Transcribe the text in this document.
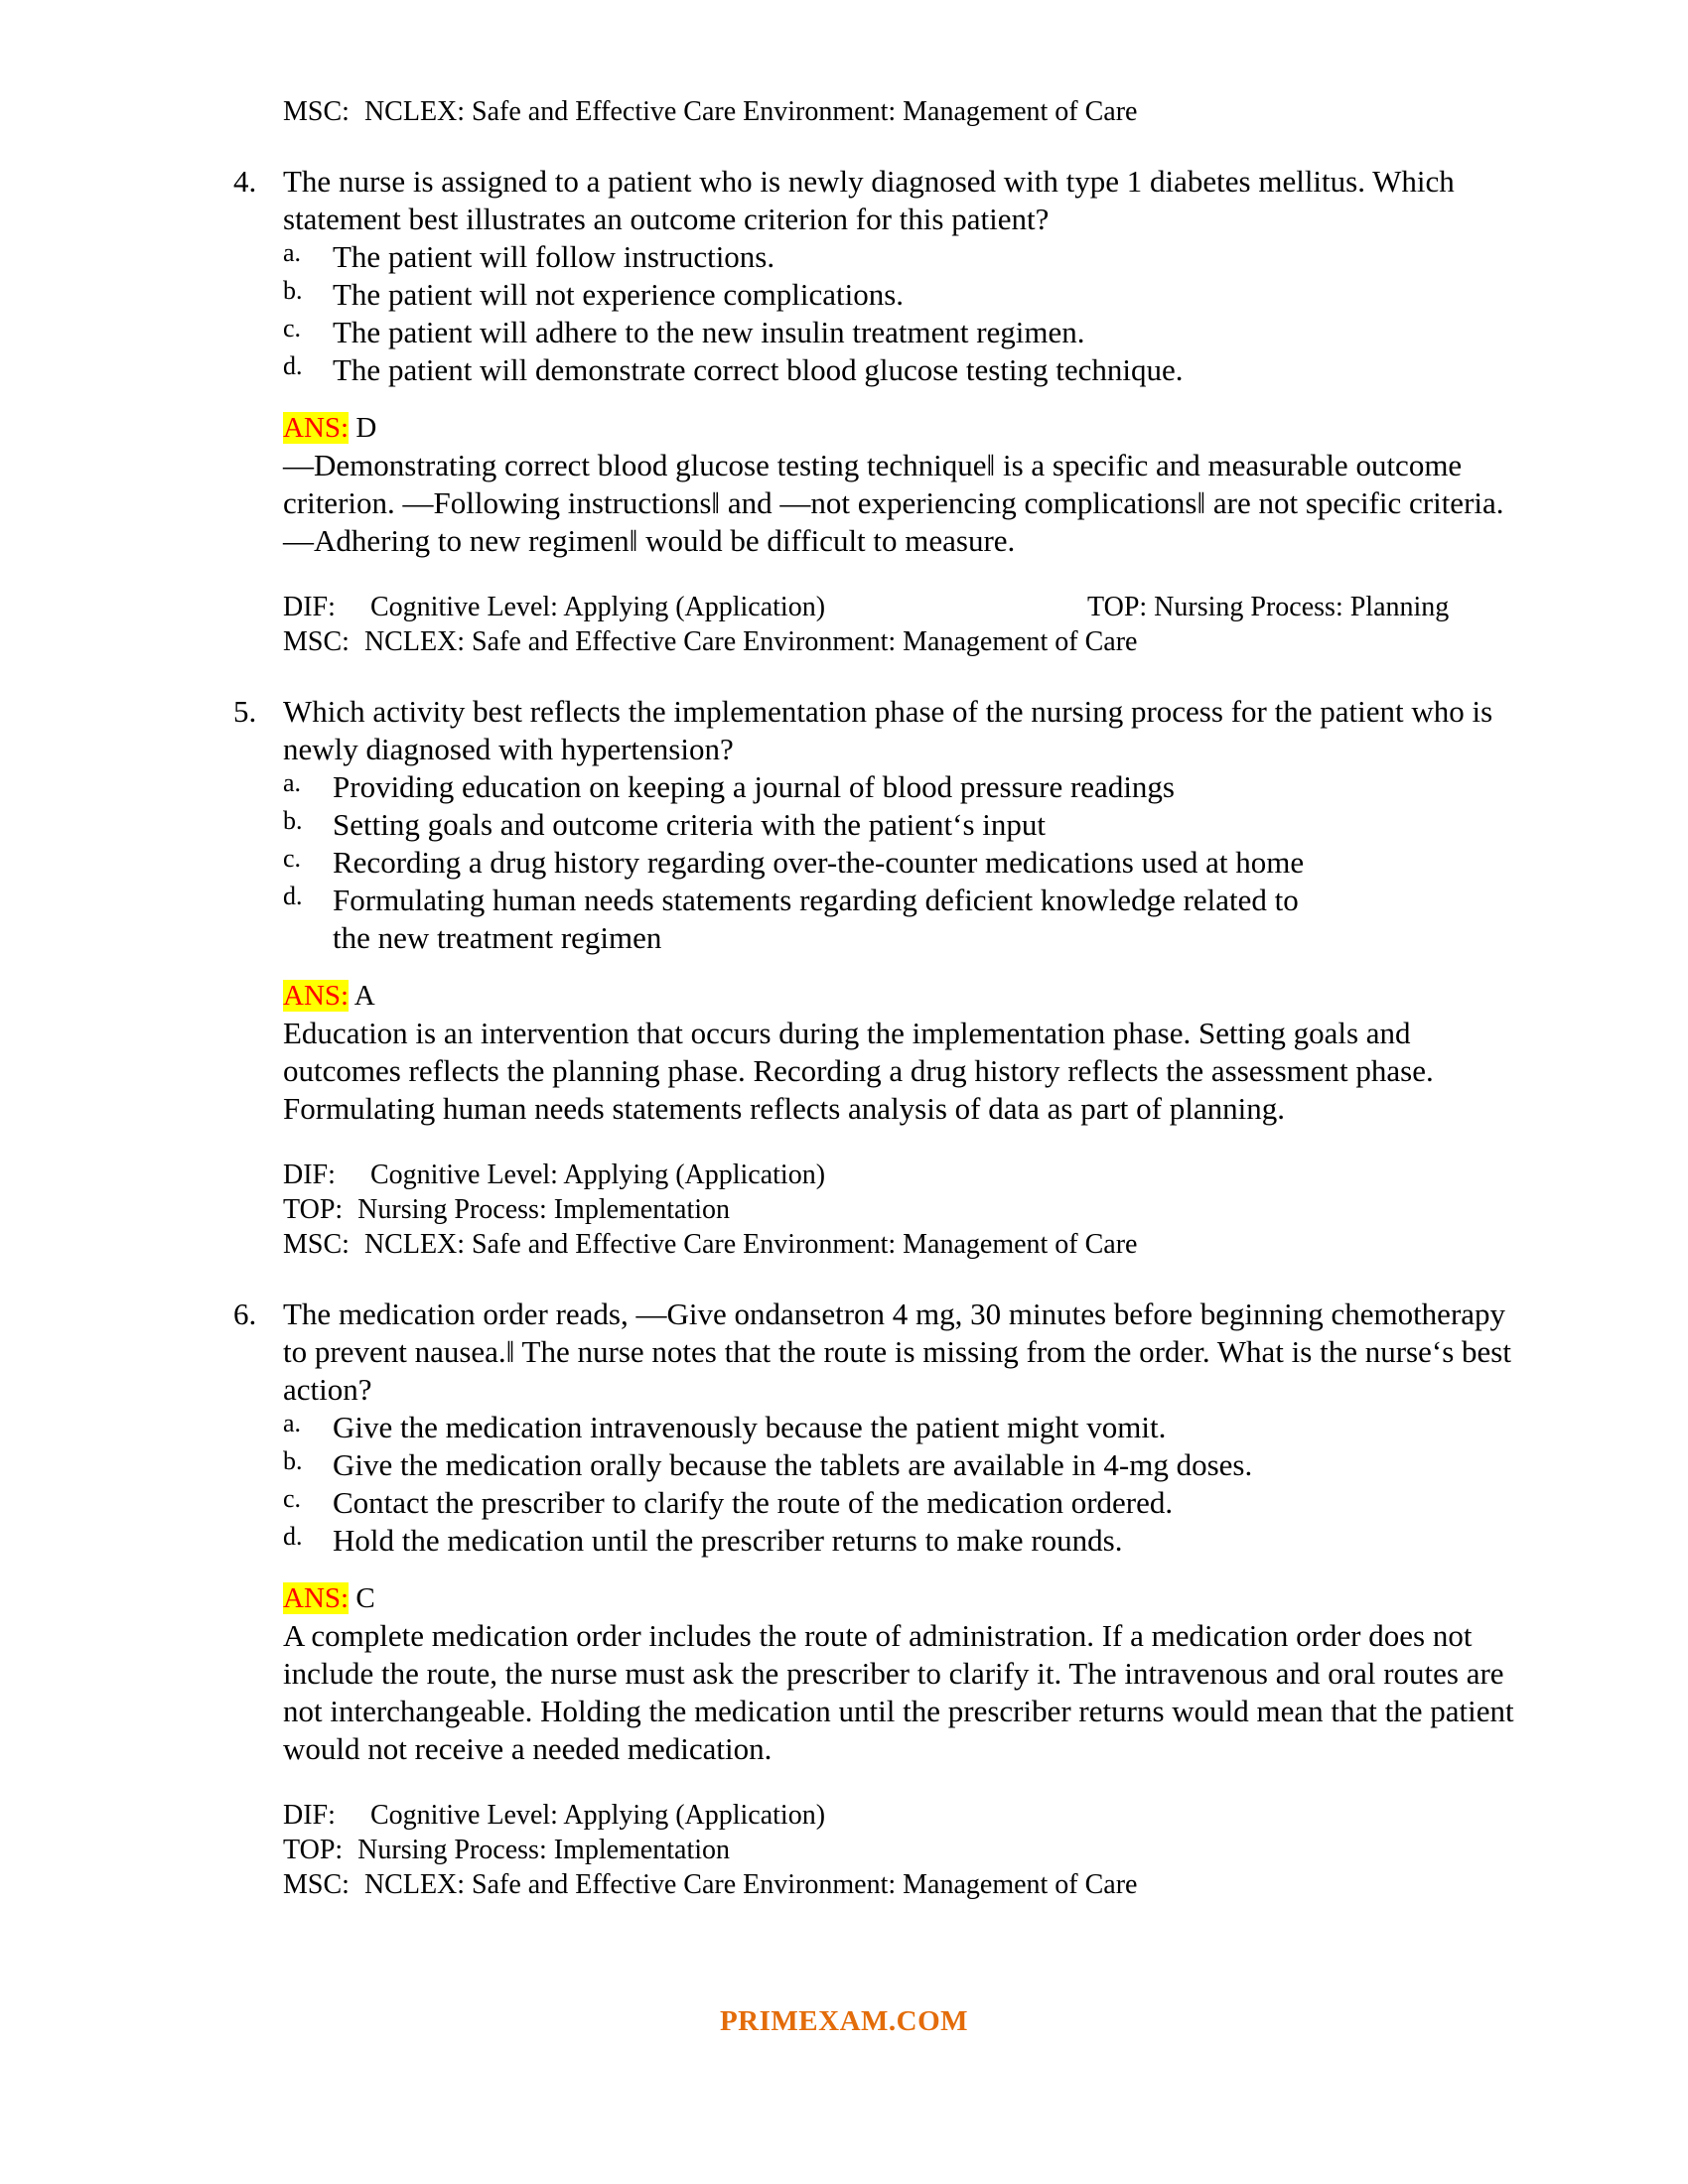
MSC: NCLEX: Safe and Effective Care Environment: Management of Care
4. The nurse is assigned to a patient who is newly diagnosed with type 1 diabetes mellitus. Which statement best illustrates an outcome criterion for this patient?
a. The patient will follow instructions.
b. The patient will not experience complications.
c. The patient will adhere to the new insulin treatment regimen.
d. The patient will demonstrate correct blood glucose testing technique.
ANS: D
―Demonstrating correct blood glucose testing technique‖ is a specific and measurable outcome criterion. ―Following instructions‖ and ―not experiencing complications‖ are not specific criteria. ―Adhering to new regimen‖ would be difficult to measure.
DIF: Cognitive Level: Applying (Application)	TOP: Nursing Process: Planning
MSC: NCLEX: Safe and Effective Care Environment: Management of Care
5. Which activity best reflects the implementation phase of the nursing process for the patient who is newly diagnosed with hypertension?
a. Providing education on keeping a journal of blood pressure readings
b. Setting goals and outcome criteria with the patient‘s input
c. Recording a drug history regarding over-the-counter medications used at home
d. Formulating human needs statements regarding deficient knowledge related to the new treatment regimen
ANS: A
Education is an intervention that occurs during the implementation phase. Setting goals and outcomes reflects the planning phase. Recording a drug history reflects the assessment phase. Formulating human needs statements reflects analysis of data as part of planning.
DIF: Cognitive Level: Applying (Application)
TOP: Nursing Process: Implementation
MSC: NCLEX: Safe and Effective Care Environment: Management of Care
6. The medication order reads, ―Give ondansetron 4 mg, 30 minutes before beginning chemotherapy to prevent nausea.‖ The nurse notes that the route is missing from the order. What is the nurse‘s best action?
a. Give the medication intravenously because the patient might vomit.
b. Give the medication orally because the tablets are available in 4-mg doses.
c. Contact the prescriber to clarify the route of the medication ordered.
d. Hold the medication until the prescriber returns to make rounds.
ANS: C
A complete medication order includes the route of administration. If a medication order does not include the route, the nurse must ask the prescriber to clarify it. The intravenous and oral routes are not interchangeable. Holding the medication until the prescriber returns would mean that the patient would not receive a needed medication.
DIF: Cognitive Level: Applying (Application)
TOP: Nursing Process: Implementation
MSC: NCLEX: Safe and Effective Care Environment: Management of Care
PRIMEXAM.COM
